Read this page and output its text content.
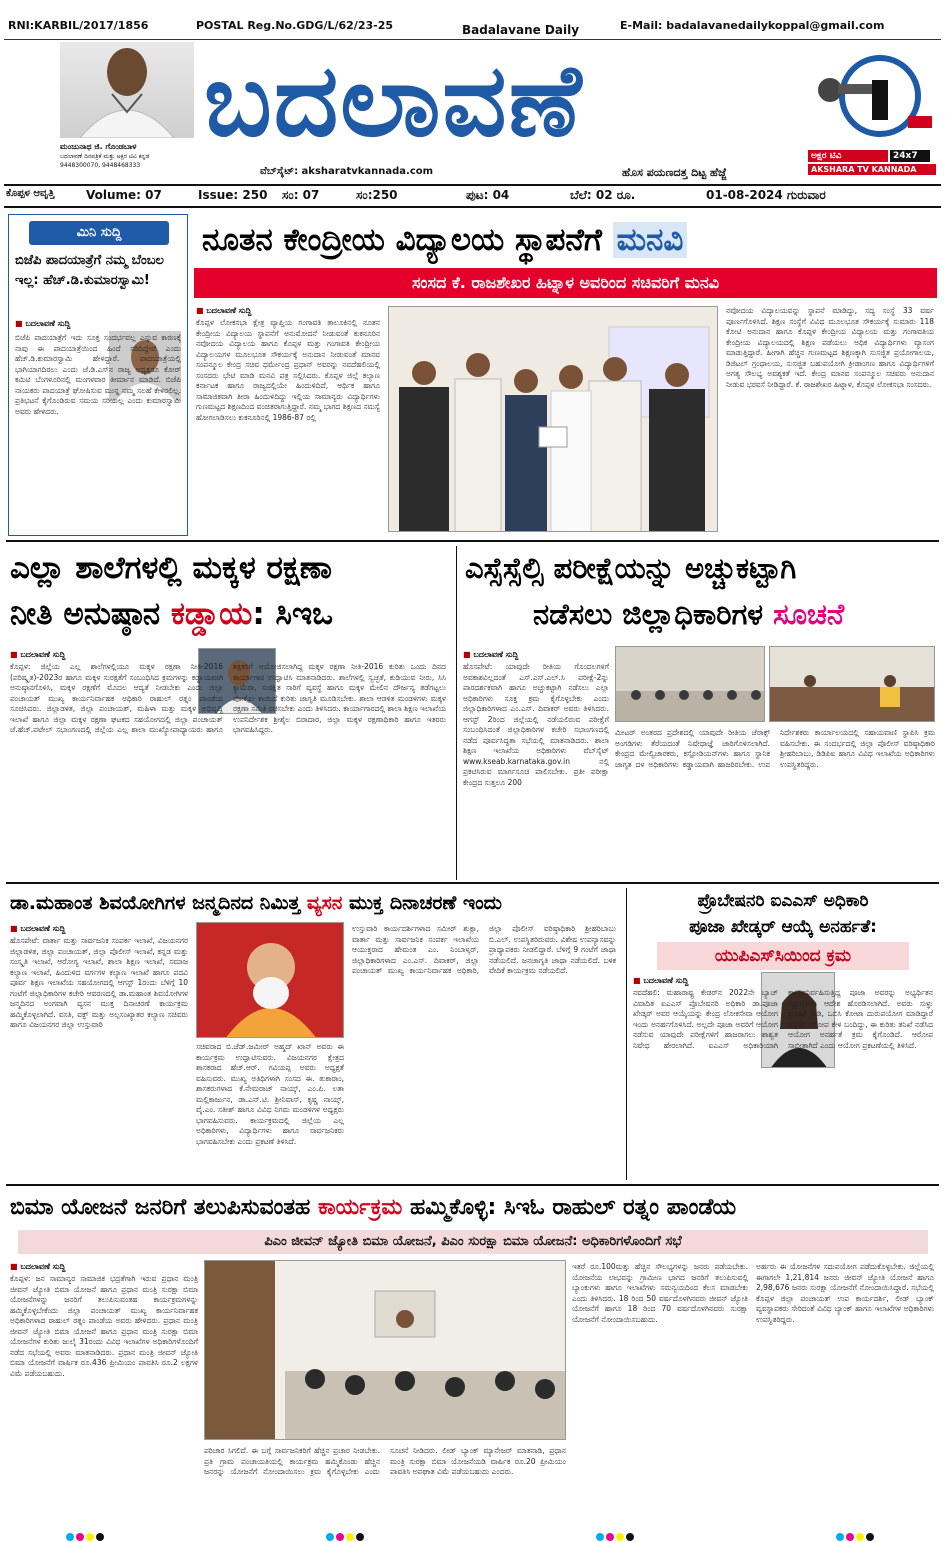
RNI:KARBIL/2017/1856	POSTAL Reg.No.GDG/L/62/23-25	Badalavane Daily	E-Mail: badalavanedailykoppal@gmail.com
ಮಂಜುನಾಥ ಜಿ. ಗೊಂಡಬಾಳ
ಬದಲಾವಣೆ ದಿನಪತ್ರಿಕೆ ಮತ್ತು ಅಕ್ಷರ ಟಿವಿ ಕನ್ನಡ
9448300070, 9448468333
ಬದಲಾವಣೆ
ವೆಬ್‌ಸೈಟ್: aksharatvkannada.com	ಹೊಸ ಪಯಣದತ್ತ ದಿಟ್ಟ ಹೆಜ್ಜೆ
ಅಕ್ಷರ ಟಿವಿ	24x7
AKSHARA TV KANNADA
ಕೊಪ್ಪಳ ಆವೃತ್ತಿ	Volume: 07	Issue: 250 ಸಂ: 07	ಸಂ:250	ಪುಟ: 04	ಬೆಲೆ: 02 ರೂ.	01-08-2024 ಗುರುವಾರ
ಮಿನಿ ಸುದ್ದಿ
ಬಿಜೆಪಿ ಪಾದಯಾತ್ರೆಗೆ ನಮ್ಮ ಬೆಂಬಲ ಇಲ್ಲ: ಹೆಚ್.ಡಿ.ಕುಮಾರಸ್ವಾಮಿ!
■ ಬದಲಾವಣೆ ಸುದ್ದಿ
ಬಿಜೆಪಿ ಪಾದಯಾತ್ರೆಗೆ ಇದು ಸೂಕ್ತ ಸಂದರ್ಭವಲ್ಲ ಎನ್ನುವ ಕಾರಣಕ್ಕೆ ನಾವು ಈ ಪಾದಯಾತ್ರೆಯಿಂದ ಹಿಂದೆ ಸರಿದಿದ್ದೇವೆ ಎಂದು ಹೆಚ್.ಡಿ.ಕುಮಾರಸ್ವಾಮಿ ಹೇಳಿದ್ದಾರೆ. ಪಾದಯಾತ್ರೆಯಲ್ಲಿ ಭಾಗಿಯಾಗದಿರಲು ಎಂದು ಜೆ.ಡಿ.ಎಸ್‌ನ ರಾಜ್ಯ ಅಧ್ಯಕ್ಷರೂ ಕೋರ್ ಕಮಿಟಿ ಬೆಂಗಳೂರಿನಲ್ಲಿ ಮಂಗಳವಾರ ತೀರ್ಮಾನ ಮಾಡಿದೆ. ಬಿಜೆಪಿ ನಾಯಕರು ಪಾದಯಾತ್ರೆ ಘೋಷಿಸುವ ಮುನ್ನ ನಮ್ಮ ಸಲಹೆ ಕೇಳಿರಲಿಲ್ಲ. ಪ್ರತಿಭಟನೆ ಕೈಗೊಂಡಿರುವ ಸಮಯ ಸರಿಯಲ್ಲ ಎಂದು ಕುಮಾರಸ್ವಾಮಿ ಅವರು ಹೇಳಿದರು.
ನೂತನ ಕೇಂದ್ರೀಯ ವಿದ್ಯಾಲಯ ಸ್ಥಾಪನೆಗೆ ಮನವಿ
ಸಂಸದ ಕೆ. ರಾಜಶೇಖರ ಹಿಟ್ನಾಳ ಅವರಿಂದ ಸಚಿವರಿಗೆ ಮನವಿ
■ ಬದಲಾವಣೆ ಸುದ್ದಿ
ಕೊಪ್ಪಳ ಲೋಕಸಭಾ ಕ್ಷೇತ್ರ ವ್ಯಾಪ್ತಿಯ ಗಂಗಾವತಿ ತಾಲೂಕಿನಲ್ಲಿ ನೂತನ ಕೇಂದ್ರೀಯ ವಿದ್ಯಾಲಯ ಸ್ಥಾಪನೆಗೆ ಅನುಮೋದನೆ ನೀಡುವಂತೆ ಕುಕನೂರಿನ ನವೋದಯ ವಿದ್ಯಾಲಯ ಹಾಗೂ ಕೊಪ್ಪಳ ಮತ್ತು ಗಂಗಾವತಿ ಕೇಂದ್ರೀಯ ವಿದ್ಯಾಲಯಗಳ ಮೂಲಭೂತ ಸೌಕರ್ಯಕ್ಕೆ ಅನುದಾನ ನೀಡುವಂತೆ ಮಾನವ ಸಂಪನ್ಮೂಲ ಕೇಂದ್ರ ಸಚಿವ ಧರ್ಮೇಂದ್ರ ಪ್ರಧಾನ್ ಅವರನ್ನು ನವದೆಹಲಿಯಲ್ಲಿ ಸಂಸದರು ಭೇಟಿ ಮಾಡಿ ಮನವಿ ಪತ್ರ ಸಲ್ಲಿಸಿದರು. ಕೊಪ್ಪಳ ಜಿಲ್ಲೆ ಕಲ್ಯಾಣ ಕರ್ನಾಟಕ ಹಾಗೂ ರಾಜ್ಯದಲ್ಲಿಯೇ ಹಿಂದುಳಿದಿದೆ, ಆರ್ಥಿಕ ಹಾಗೂ ಸಾಮಾಜಿಕವಾಗಿ ತೀರಾ ಹಿಂದುಳಿದಿದ್ದು ಇಲ್ಲಿಯ ಸಾಮಾನ್ಯರು ವಿದ್ಯಾರ್ಥಿಗಳು ಗುಣಮಟ್ಟದ ಶಿಕ್ಷಣದಿಂದ ವಂಚಿತರಾಗುತ್ತಿದ್ದಾರೆ. ನಮ್ಮ ಭಾಗದ ಶಿಕ್ಷಣದ ಸಮಸ್ಯೆ ಹೋಗಲಾಡಿಸಲು ಕುಕನೂರಿನಲ್ಲಿ 1986-87 ರಲ್ಲಿ
ನವೋದಯ ವಿದ್ಯಾಲಯವನ್ನು ಸ್ಥಾಪನೆ ಮಾಡಿದ್ದು, ಸದ್ಯ ಸಂಸ್ಥೆ 33 ವರ್ಷ ಪೂರ್ಣಗೊಳಿಸಿದೆ. ಶಿಕ್ಷಣ ಸಂಸ್ಥೆಗೆ ವಿವಿಧ ಮೂಲಭೂತ ಸೌಕರ್ಯಕ್ಕೆ ಸುಮಾರು 118 ಕೋಟಿ ಅನುದಾನ ಹಾಗೂ ಕೊಪ್ಪಳ ಕೇಂದ್ರೀಯ ವಿದ್ಯಾಲಯ ಮತ್ತು ಗಂಗಾವತಿಯ ಕೇಂದ್ರೀಯ ವಿದ್ಯಾಲಯದಲ್ಲಿ ಶಿಕ್ಷಣ ಪಡೆಯಲು ಅಧಿಕ ವಿದ್ಯಾರ್ಥಿಗಳು ವ್ಯಾಸಂಗ ಮಾಡುತ್ತಿದ್ದಾರೆ. ಹೀಗಾಗಿ ಹೆಚ್ಚಿನ ಗುಣಮಟ್ಟದ ಶಿಕ್ಷಣಕ್ಕಾಗಿ ಸುಸಜ್ಜಿತ ಪ್ರಯೋಗಾಲಯ, ಡಿಜಿಟಲ್ ಗ್ರಂಥಾಲಯ, ಸುಸಜ್ಜಿತ ಬಹುಪಯೋಗಿ ಕ್ರೀಡಾಂಗಣ ಹಾಗೂ ವಿದ್ಯಾರ್ಥಿಗಳಿಗೆ ಅಗತ್ಯ ಸೌಲಭ್ಯ ಅವಶ್ಯಕತೆ ಇದೆ. ಕೇಂದ್ರ ಮಾನವ ಸಂಪನ್ಮೂಲ ಸಚಿವರು ಅನುದಾನ ನೀಡುವ ಭರವಸೆ ನೀಡಿದ್ದಾರೆ. ಕೆ. ರಾಜಶೇಖರ ಹಿಟ್ನಾಳ, ಕೊಪ್ಪಳ ಲೋಕಸಭಾ ಸಂಸದರು.
ಎಲ್ಲಾ ಶಾಲೆಗಳಲ್ಲಿ ಮಕ್ಕಳ ರಕ್ಷಣಾ
ನೀತಿ ಅನುಷ್ಠಾನ ಕಡ್ಡಾಯ: ಸಿಇಒ
■ ಬದಲಾವಣೆ ಸುದ್ದಿ
ಕೊಪ್ಪಳ: ಜಿಲ್ಲೆಯ ಎಲ್ಲ ಶಾಲೆಗಳಲ್ಲಿಯೂ ಮಕ್ಕಳ ರಕ್ಷಣಾ ನೀತಿ-2016 (ಪರಿಷ್ಕೃತ)-2023ರ ಹಾಗೂ ಮಕ್ಕಳ ಸುರಕ್ಷತೆಗೆ ಸಂಬಂಧಿಸಿದ ಕ್ರಮಗಳನ್ನು ಕಡ್ಡಾಯವಾಗಿ ಅನುಷ್ಠಾನಗೊಳಿಸಿ, ಮಕ್ಕಳ ರಕ್ಷಣೆಗೆ ಮೊದಲ ಆದ್ಯತೆ ನೀಡಬೇಕು ಎಂದು ಜಿಲ್ಲಾ ಪಂಚಾಯತ್ ಮುಖ್ಯ ಕಾರ್ಯನಿರ್ವಾಹಕ ಅಧಿಕಾರಿ ರಾಹುಲ್ ರತ್ನಂ ಪಾಂಡೆಯ ಸೂಚಿಸಿದರು. ಜಿಲ್ಲಾಡಳಿತ, ಜಿಲ್ಲಾ ಪಂಚಾಯತ್, ಮಹಿಳಾ ಮತ್ತು ಮಕ್ಕಳ ಅಭಿವೃದ್ಧಿ ಇಲಾಖೆ ಹಾಗೂ ಜಿಲ್ಲಾ ಮಕ್ಕಳ ರಕ್ಷಣಾ ಘಟಕದ ಸಹಯೋಗದಲ್ಲಿ ಜಿಲ್ಲಾ ಪಂಚಾಯತ್ ಜೆ.ಹೆಚ್.ಪಟೇಲ್ ಸಭಾಂಗಣದಲ್ಲಿ ಜಿಲ್ಲೆಯ ಎಲ್ಲ ಶಾಲಾ ಮುಖ್ಯೋಪಾಧ್ಯಾಯರು ಹಾಗೂ ಶಿಕ್ಷಕರಿಗೆ ಆಯೋಜಿಸಲಾಗಿದ್ದ ಮಕ್ಕಳ ರಕ್ಷಣಾ ನೀತಿ-2016 ಕುರಿತು ಒಂದು ದಿನದ ಕಾರ್ಯಾಗಾರ ಉದ್ಘಾಟಿಸಿ ಮಾತನಾಡಿದರು. ಶಾಲೆಗಳಲ್ಲಿ ಸ್ವಚ್ಛತೆ, ಕುಡಿಯುವ ನೀರು, ಸಿಸಿ ಕ್ಯಾಮೆರಾ, ಸುರಕ್ಷಿತ ಸಾರಿಗೆ ವ್ಯವಸ್ಥೆ ಹಾಗೂ ಮಕ್ಕಳ ಮೇಲಿನ ದೌರ್ಜನ್ಯ ತಡೆಗಟ್ಟಲು ಪೋಕ್ಸೋ ಕಾಯಿದೆ ಕುರಿತು ಜಾಗೃತಿ ಮೂಡಿಸಬೇಕು. ಶಾಲಾ ಆಡಳಿತ ಮಂಡಳಿಗಳು ಮಕ್ಕಳ ರಕ್ಷಣಾ ಸಮಿತಿ ರಚಿಸಬೇಕು ಎಂದು ತಿಳಿಸಿದರು. ಕಾರ್ಯಾಗಾರದಲ್ಲಿ ಶಾಲಾ ಶಿಕ್ಷಣ ಇಲಾಖೆಯ ಉಪನಿರ್ದೇಶಕ ಶ್ರೀಶೈಲ ಬಿರಾದಾರ, ಜಿಲ್ಲಾ ಮಕ್ಕಳ ರಕ್ಷಣಾಧಿಕಾರಿ ಹಾಗೂ ಇತರರು ಭಾಗವಹಿಸಿದ್ದರು.
ಎಸ್ಸೆಸ್ಸೆಲ್ಸಿ ಪರೀಕ್ಷೆಯನ್ನು ಅಚ್ಚುಕಟ್ಟಾಗಿ
ನಡೆಸಲು ಜಿಲ್ಲಾಧಿಕಾರಿಗಳ ಸೂಚನೆ
■ ಬದಲಾವಣೆ ಸುದ್ದಿ
ಹೊಸಪೇಟೆ: ಯಾವುದೇ ರೀತಿಯ ಗೊಂದಲಗಳಿಗೆ ಅವಕಾಶವಿಲ್ಲದಂತೆ ಎಸ್.ಎಸ್.ಎಲ್.ಸಿ ಪರೀಕ್ಷೆ-2ನ್ನು ಪಾರದರ್ಶಕವಾಗಿ ಹಾಗೂ ಅಚ್ಚುಕಟ್ಟಾಗಿ ನಡೆಸಲು ಎಲ್ಲಾ ಅಧಿಕಾರಿಗಳು ಸೂಕ್ತ ಕ್ರಮ ಕೈಗೊಳ್ಳಬೇಕು ಎಂದು ಜಿಲ್ಲಾಧಿಕಾರಿಗಳಾದ ಎಂ.ಎಸ್. ದಿವಾಕರ್ ಅವರು ತಿಳಿಸಿದರು. ಆಗಸ್ಟ್ 2ರಿಂದ ಜಿಲ್ಲೆಯಲ್ಲಿ ನಡೆಯಲಿರುವ ಪರೀಕ್ಷೆಗೆ ಸಂಬಂಧಿಸಿದಂತೆ ಜಿಲ್ಲಾಧಿಕಾರಿಗಳ ಕಚೇರಿ ಸಭಾಂಗಣದಲ್ಲಿ ನಡೆದ ಪೂರ್ವಸಿದ್ಧತಾ ಸಭೆಯಲ್ಲಿ ಮಾತನಾಡಿದರು. ಶಾಲಾ ಶಿಕ್ಷಣ ಇಲಾಖೆಯ ಅಧಿಕಾರಿಗಳು ವೆಬ್‌ಸೈಟ್ www.kseab.karnataka.gov.in ನಲ್ಲಿ ಪ್ರಕಟಿಸಿರುವ ಮಾರ್ಗಸೂಚಿ ಪಾಲಿಸಬೇಕು. ಪ್ರತೀ ಪರೀಕ್ಷಾ ಕೇಂದ್ರದ ಸುತ್ತಲೂ 200
ಮೀಟರ್ ಅಂತರದ ಪ್ರದೇಶದಲ್ಲಿ ಯಾವುದೇ ರೀತಿಯ ಜೆರಾಕ್ಸ್ ಅಂಗಡಿಗಳು ತೆರೆಯದಂತೆ ನಿಷೇಧಾಜ್ಞೆ ಜಾರಿಗೊಳಿಸಲಾಗಿದೆ. ಕೇಂದ್ರದ ಮೇಲ್ವಿಚಾರಕರು, ಕಸ್ಟೋಡಿಯನ್‌ಗಳು ಹಾಗೂ ಸ್ಥಾನಿಕ ಜಾಗೃತ ದಳ ಅಧಿಕಾರಿಗಳು ಕಡ್ಡಾಯವಾಗಿ ಹಾಜರಿರಬೇಕು. ಉಪ ನಿರ್ದೇಶಕರು ಕಾರ್ಯಾಲಯದಲ್ಲಿ ಸಹಾಯವಾಣಿ ಸ್ಥಾಪಿಸಿ ಕ್ರಮ ವಹಿಸಬೇಕು. ಈ ಸಂದರ್ಭದಲ್ಲಿ ಜಿಲ್ಲಾ ಪೊಲೀಸ್ ವರಿಷ್ಠಾಧಿಕಾರಿ ಶ್ರೀಹರಿಬಾಬು, ಡಿಡಿಪಿಐ ಹಾಗೂ ವಿವಿಧ ಇಲಾಖೆಯ ಅಧಿಕಾರಿಗಳು ಉಪಸ್ಥಿತರಿದ್ದರು.
ಡಾ.ಮಹಾಂತ ಶಿವಯೋಗಿಗಳ ಜನ್ಮದಿನದ ನಿಮಿತ್ತ ವ್ಯಸನ ಮುಕ್ತ ದಿನಾಚರಣೆ ಇಂದು
■ ಬದಲಾವಣೆ ಸುದ್ದಿ
ಹೊಸಪೇಟೆ: ವಾರ್ತಾ ಮತ್ತು ಸಾರ್ವಜನಿಕ ಸಂಪರ್ಕ ಇಲಾಖೆ, ವಿಜಯನಗರ ಜಿಲ್ಲಾಡಳಿತ, ಜಿಲ್ಲಾ ಪಂಚಾಯತ್, ಜಿಲ್ಲಾ ಪೊಲೀಸ್ ಇಲಾಖೆ, ಕನ್ನಡ ಮತ್ತು ಸಂಸ್ಕೃತಿ ಇಲಾಖೆ, ಆರೋಗ್ಯ ಇಲಾಖೆ, ಶಾಲಾ ಶಿಕ್ಷಣ ಇಲಾಖೆ, ಸಮಾಜ ಕಲ್ಯಾಣ ಇಲಾಖೆ, ಹಿಂದುಳಿದ ವರ್ಗಗಳ ಕಲ್ಯಾಣ ಇಲಾಖೆ ಹಾಗೂ ಪದವಿ ಪೂರ್ವ ಶಿಕ್ಷಣ ಇಲಾಖೆಯ ಸಹಯೋಗದಲ್ಲಿ ಆಗಸ್ಟ್ 1ರಂದು ಬೆಳಿಗ್ಗೆ 10 ಗಂಟೆಗೆ ಜಿಲ್ಲಾಧಿಕಾರಿಗಳ ಕಚೇರಿ ಆವರಣದಲ್ಲಿ ಡಾ.ಮಹಾಂತ ಶಿವಯೋಗಿಗಳ ಜನ್ಮದಿನದ ಅಂಗವಾಗಿ ವ್ಯಸನ ಮುಕ್ತ ದಿನಾಚರಣೆ ಕಾರ್ಯಕ್ರಮ ಹಮ್ಮಿಕೊಳ್ಳಲಾಗಿದೆ. ವಸತಿ, ವಕ್ಫ್ ಮತ್ತು ಅಲ್ಪಸಂಖ್ಯಾತರ ಕಲ್ಯಾಣ ಸಚಿವರು ಹಾಗೂ ವಿಜಯನಗರ ಜಿಲ್ಲಾ ಉಸ್ತುವಾರಿ
ಸಚಿವರಾದ ಬಿ.ಜೆಡ್.ಜಮೀರ್ ಅಹ್ಮದ್ ಖಾನ್ ಅವರು ಈ ಕಾರ್ಯಕ್ರಮ ಉದ್ಘಾಟಿಸುವರು. ವಿಜಯನಗರ ಕ್ಷೇತ್ರದ ಶಾಸಕರಾದ ಹೆಚ್.ಆರ್. ಗವಿಯಪ್ಪ ಅವರು ಅಧ್ಯಕ್ಷತೆ ವಹಿಸುವರು. ಮುಖ್ಯ ಅತಿಥಿಗಳಾಗಿ ಸಂಸದ ಈ. ತುಕಾರಾಂ, ಶಾಸಕರುಗಳಾದ ಕೆ.ನೇಮರಾಜ್ ನಾಯ್ಕ್, ಎಂ.ಪಿ. ಲತಾ ಮಲ್ಲಿಕಾರ್ಜುನ, ಡಾ.ಎನ್.ಟಿ. ಶ್ರೀನಿವಾಸ್, ಕೃಷ್ಣ ನಾಯ್ಕ್, ವೈ.ಎಂ. ಸತೀಶ್ ಹಾಗೂ ವಿವಿಧ ನಿಗಮ ಮಂಡಳಿಗಳ ಅಧ್ಯಕ್ಷರು ಭಾಗವಹಿಸುವರು. ಕಾರ್ಯಕ್ರಮದಲ್ಲಿ ಜಿಲ್ಲೆಯ ಎಲ್ಲ ಅಧಿಕಾರಿಗಳು, ವಿದ್ಯಾರ್ಥಿಗಳು ಹಾಗೂ ಸಾರ್ವಜನಿಕರು ಭಾಗವಹಿಸಬೇಕು ಎಂದು ಪ್ರಕಟಣೆ ತಿಳಿಸಿದೆ.
ಉಸ್ತುವಾರಿ ಕಾರ್ಯದರ್ಶಿಗಳಾದ ಸಮೀರ್ ಶುಕ್ಲಾ, ವಾರ್ತಾ ಮತ್ತು ಸಾರ್ವಜನಿಕ ಸಂಪರ್ಕ ಇಲಾಖೆಯ ಆಯುಕ್ತರಾದ ಹೇಮಂತ ಎಂ. ನಿಂಬಾಳ್ಕರ್, ಜಿಲ್ಲಾಧಿಕಾರಿಗಳಾದ ಎಂ.ಎಸ್. ದಿವಾಕರ್, ಜಿಲ್ಲಾ ಪಂಚಾಯತ್ ಮುಖ್ಯ ಕಾರ್ಯನಿರ್ವಾಹಕ ಅಧಿಕಾರಿ, ಜಿಲ್ಲಾ ಪೊಲೀಸ್ ವರಿಷ್ಠಾಧಿಕಾರಿ ಶ್ರೀಹರಿಬಾಬು ಬಿ.ಎಲ್. ಉಪಸ್ಥಿತರಿರುವರು. ವಿಶೇಷ ಉಪನ್ಯಾಸವನ್ನು ಪ್ರಾಧ್ಯಾಪಕರು ನೀಡಲಿದ್ದಾರೆ. ಬೆಳಿಗ್ಗೆ 9 ಗಂಟೆಗೆ ಜಾಥಾ ನಡೆಯಲಿದೆ. ಜನಜಾಗೃತಿ ಜಾಥಾ ನಡೆಯಲಿದೆ. ಬಳಿಕ ವೇದಿಕೆ ಕಾರ್ಯಕ್ರಮ ನಡೆಯಲಿದೆ.
ಪ್ರೊಬೇಷನರಿ ಐಎಎಸ್ ಅಧಿಕಾರಿ
ಪೂಜಾ ಖೇಡ್ಕರ್ ಆಯ್ಕೆ ಅನರ್ಹತೆ:
ಯುಪಿಎಸ್‌ಸಿಯಿಂದ ಕ್ರಮ
■ ಬದಲಾವಣೆ ಸುದ್ದಿ
ನವದೆಹಲಿ: ಮಹಾರಾಷ್ಟ್ರ ಕೇಡರ್‌ನ 2022ನೇ ಬ್ಯಾಚ್ ವಿವಾದಿತ ಐಎಎಸ್ ಪ್ರೊಬೇಷನರಿ ಅಧಿಕಾರಿ ಡಾ.ಪೂಜಾ ಖೇಡ್ಕರ್ ಅವರ ಆಯ್ಕೆಯನ್ನು ಕೇಂದ್ರ ಲೋಕಸೇವಾ ಆಯೋಗ ಇಂದು ಅನರ್ಹಗೊಳಿಸಿದೆ. ಅಲ್ಲದೇ ಪೂಜಾ ಅವರಿಗೆ ಆಯೋಗ ನಡೆಸುವ ಯಾವುದೇ ಪರೀಕ್ಷೆಗಳಿಗೆ ಹಾಜರಾಗಲು ಶಾಶ್ವತ ನಿಷೇಧ ಹೇರಲಾಗಿದೆ. ಐಎಎಸ್ ಅಧಿಕಾರಿಯಾಗಿ ಕಾರ್ಯನಿರ್ವಹಿಸುತ್ತಿದ್ದ ಪೂಜಾ ಅವರನ್ನು ಅಭ್ಯರ್ಥಿತನ ರದ್ದುಗೊಳಿಸಿ ಆದೇಶ ಹೊರಡಿಸಲಾಗಿದೆ. ಅವರು ಸುಳ್ಳು ಮಾಹಿತಿ ನೀಡಿ, ಒಬಿಸಿ ಕೋಟಾ ದುರುಪಯೋಗ ಮಾಡಿದ್ದಾರೆ ಎನ್ನುವ ಆರೋಪ ಕೇಳಿ ಬಂದಿದ್ದು, ಈ ಕುರಿತು ತನಿಖೆ ನಡೆಸಿದ ಆಯೋಗ ಅನರ್ಹತೆ ಕ್ರಮ ಕೈಗೊಂಡಿದೆ. ಆರೋಪ ಸಾಬೀತಾಗಿದೆ ಎಂದು ಆಯೋಗ ಪ್ರಕಟಣೆಯಲ್ಲಿ ತಿಳಿಸಿದೆ.
ಬಿಮಾ ಯೋಜನೆ ಜನರಿಗೆ ತಲುಪಿಸುವಂತಹ ಕಾರ್ಯಕ್ರಮ ಹಮ್ಮಿಕೊಳ್ಳಿ: ಸಿಇಓ ರಾಹುಲ್ ರತ್ನಂ ಪಾಂಡೆಯ
ಪಿಎಂ ಜೀವನ್ ಜ್ಯೋತಿ ಬಿಮಾ ಯೋಜನೆ, ಪಿಎಂ ಸುರಕ್ಷಾ ಬಿಮಾ ಯೋಜನೆ: ಅಧಿಕಾರಿಗಳೊಂದಿಗೆ ಸಭೆ
■ ಬದಲಾವಣೆ ಸುದ್ದಿ
ಕೊಪ್ಪಳ: ಜನ ಸಾಮಾನ್ಯರ ಸಾಮಾಜಿಕ ಭದ್ರತೆಗಾಗಿ ಇರುವ ಪ್ರಧಾನ ಮಂತ್ರಿ ಜೀವನ್ ಜ್ಯೋತಿ ಬಿಮಾ ಯೋಜನೆ ಹಾಗೂ ಪ್ರಧಾನ ಮಂತ್ರಿ ಸುರಕ್ಷಾ ಬಿಮಾ ಯೋಜನೆಗಳನ್ನು ಜನರಿಗೆ ತಲುಪಿಸುವಂತಹ ಕಾರ್ಯಕ್ರಮಗಳನ್ನು ಹಮ್ಮಿಕೊಳ್ಳಬೇಕೆಂದು ಜಿಲ್ಲಾ ಪಂಚಾಯತ್ ಮುಖ್ಯ ಕಾರ್ಯನಿರ್ವಾಹಕ ಅಧಿಕಾರಿಗಳಾದ ರಾಹುಲ್ ರತ್ನಂ ಪಾಂಡೆಯ ಅವರು ಹೇಳಿದರು. ಪ್ರಧಾನ ಮಂತ್ರಿ ಜೀವನ್ ಜ್ಯೋತಿ ಬಿಮಾ ಯೋಜನೆ ಹಾಗೂ ಪ್ರಧಾನ ಮಂತ್ರಿ ಸುರಕ್ಷಾ ಬಿಮಾ ಯೋಜನೆಗಳ ಕುರಿತು ಜುಲೈ 31ರಂದು ವಿವಿಧ ಇಲಾಖೆಗಳ ಅಧಿಕಾರಿಗಳೊಂದಿಗೆ ನಡೆದ ಸಭೆಯಲ್ಲಿ ಅವರು ಮಾತನಾಡಿದರು. ಪ್ರಧಾನ ಮಂತ್ರಿ ಜೀವನ್ ಜ್ಯೋತಿ ಬಿಮಾ ಯೋಜನೆಗೆ ವಾರ್ಷಿಕ ರೂ.436 ಪ್ರೀಮಿಯಂ ಪಾವತಿಸಿ ರೂ.2 ಲಕ್ಷಗಳ ವಿಮೆ ಪಡೆಯಬಹುದು.
ಪರಿಚಾರ ಸಿಗಲಿದೆ. ಈ ಬಗ್ಗೆ ಸಾರ್ವಜನಿಕರಿಗೆ ಹೆಚ್ಚಿನ ಪ್ರಚಾರ ನೀಡಬೇಕು. ಪ್ರತಿ ಗ್ರಾಮ ಪಂಚಾಯತಿಯಲ್ಲಿ ಕಾರ್ಯಕ್ರಮ ಹಮ್ಮಿಕೊಂಡು ಹೆಚ್ಚಿನ ಜನರನ್ನು ಯೋಜನೆಗೆ ನೋಂದಾಯಿಸಲು ಕ್ರಮ ಕೈಗೊಳ್ಳಬೇಕು ಎಂದು ಸೂಚನೆ ನೀಡಿದರು. ಲೀಡ್ ಬ್ಯಾಂಕ್ ಮ್ಯಾನೇಜರ್ ಮಾತನಾಡಿ, ಪ್ರಧಾನ ಮಂತ್ರಿ ಸುರಕ್ಷಾ ಬಿಮಾ ಯೋಜನೆಯಡಿ ವಾರ್ಷಿಕ ರೂ.20 ಪ್ರೀಮಿಯಂ ಪಾವತಿಸಿ ಅಪಘಾತ ವಿಮೆ ಪಡೆಯಬಹುದು ಎಂದರು.
ಇತರೆ ರೂ.100ಮತ್ತು ಹೆಚ್ಚಿನ ಸೌಲಭ್ಯಗಳನ್ನು ಜನರು ಪಡೆಯಬೇಕು. ಯೋಜನೆಯ ಲಾಭವನ್ನು ಗ್ರಾಮೀಣ ಭಾಗದ ಜನರಿಗೆ ತಲುಪಿಸುವಲ್ಲಿ ಬ್ಯಾಂಕುಗಳು ಹಾಗೂ ಇಲಾಖೆಗಳು ಸಮನ್ವಯದಿಂದ ಕೆಲಸ ಮಾಡಬೇಕು ಎಂದು ತಿಳಿಸಿದರು. 18 ರಿಂದ 50 ವರ್ಷದೊಳಗಿನವರು ಜೀವನ್ ಜ್ಯೋತಿ ಯೋಜನೆಗೆ ಹಾಗೂ 18 ರಿಂದ 70 ವರ್ಷದೊಳಗಿನವರು ಸುರಕ್ಷಾ ಯೋಜನೆಗೆ ನೋಂದಾಯಿಸಬಹುದು.
ಅರ್ಹರು ಈ ಯೋಜನೆಗಳ ಸದುಪಯೋಗ ಪಡೆದುಕೊಳ್ಳಬೇಕು. ಜಿಲ್ಲೆಯಲ್ಲಿ ಈಗಾಗಲೇ 1,21,814 ಜನರು ಜೀವನ್ ಜ್ಯೋತಿ ಯೋಜನೆ ಹಾಗೂ 2,98,676 ಜನರು ಸುರಕ್ಷಾ ಯೋಜನೆಗೆ ನೋಂದಾಯಿಸಿದ್ದಾರೆ. ಸಭೆಯಲ್ಲಿ ಕೊಪ್ಪಳ ಜಿಲ್ಲಾ ಪಂಚಾಯತ್ ಉಪ ಕಾರ್ಯದರ್ಶಿ, ಲೀಡ್ ಬ್ಯಾಂಕ್ ವ್ಯವಸ್ಥಾಪಕರು ಸೇರಿದಂತೆ ವಿವಿಧ ಬ್ಯಾಂಕ್ ಹಾಗೂ ಇಲಾಖೆಗಳ ಅಧಿಕಾರಿಗಳು ಉಪಸ್ಥಿತರಿದ್ದರು.
